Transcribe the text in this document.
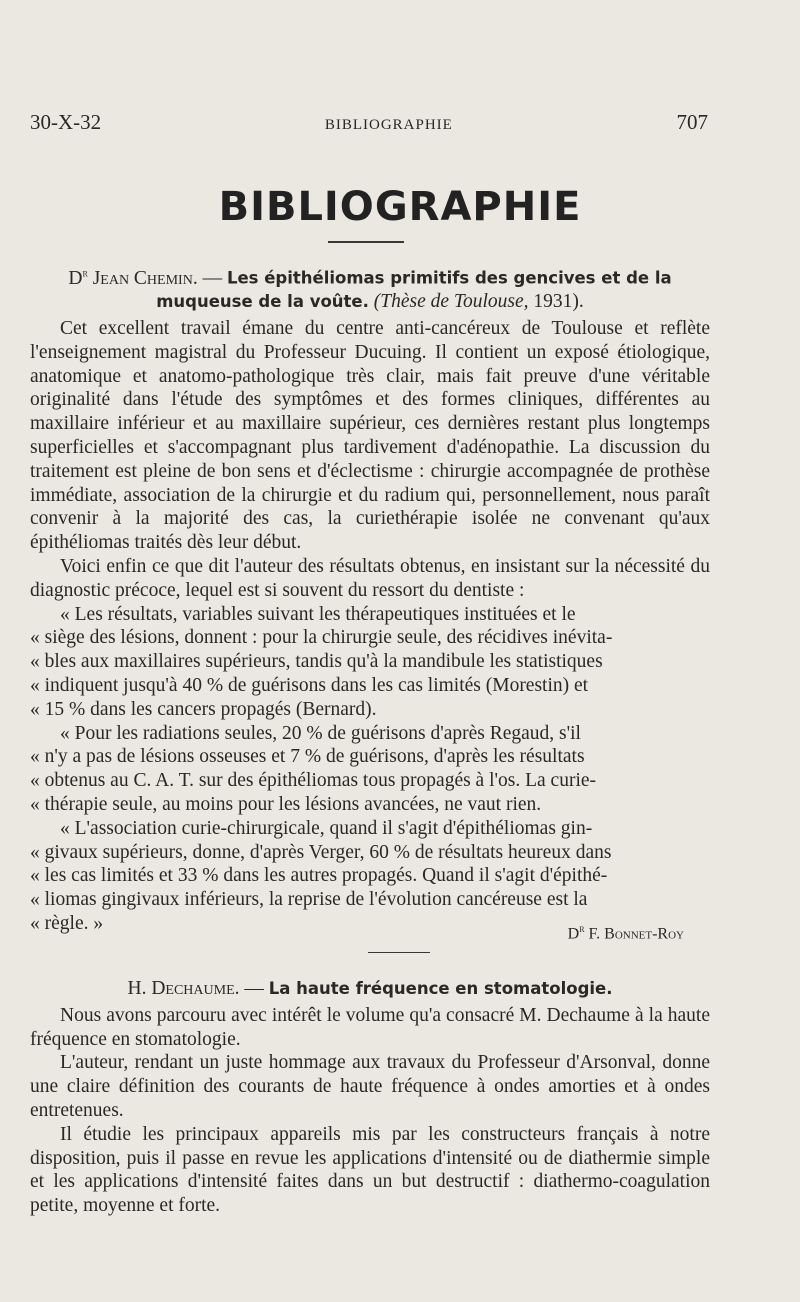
30-X-32	BIBLIOGRAPHIE	707
BIBLIOGRAPHIE
$D^r$ Jean Chemin. — Les épithéliomas primitifs des gencives et de la muqueuse de la voûte. (Thèse de Toulouse, 1931).

Cet excellent travail émane du centre anti-cancéreux de Toulouse et reflète l'enseignement magistral du Professeur Ducuing. Il contient un exposé étiologique, anatomique et anatomo-pathologique très clair, mais fait preuve d'une véritable originalité dans l'étude des symptômes et des formes cliniques, différentes au maxillaire inférieur et au maxillaire supérieur, ces dernières restant plus longtemps superficielles et s'accompagnant plus tardivement d'adénopathie. La discussion du traitement est pleine de bon sens et d'éclectisme : chirurgie accompagnée de prothèse immédiate, association de la chirurgie et du radium qui, personnellement, nous paraît convenir à la majorité des cas, la curiethérapie isolée ne convenant qu'aux épithéliomas traités dès leur début.

Voici enfin ce que dit l'auteur des résultats obtenus, en insistant sur la nécessité du diagnostic précoce, lequel est si souvent du ressort du dentiste :

« Les résultats, variables suivant les thérapeutiques instituées et le
« siège des lésions, donnent : pour la chirurgie seule, des récidives inévita-
« bles aux maxillaires supérieurs, tandis qu'à la mandibule les statistiques
« indiquent jusqu'à 40 % de guérisons dans les cas limités (Morestin) et
« 15 % dans les cancers propagés (Bernard).
« Pour les radiations seules, 20 % de guérisons d'après Regaud, s'il
« n'y a pas de lésions osseuses et 7 % de guérisons, d'après les résultats
« obtenus au C. A. T. sur des épithéliomas tous propagés à l'os. La curie-
« thérapie seule, au moins pour les lésions avancées, ne vaut rien.
« L'association curie-chirurgicale, quand il s'agit d'épithéliomas gin-
« givaux supérieurs, donne, d'après Verger, 60 % de résultats heureux dans
« les cas limités et 33 % dans les autres propagés. Quand il s'agit d'épithé-
« liomas gingivaux inférieurs, la reprise de l'évolution cancéreuse est la
« règle. »	$D^r$ F. Bonnet-Roy
H. Dechaume. — La haute fréquence en stomatologie.

Nous avons parcouru avec intérêt le volume qu'a consacré M. Dechaume à la haute fréquence en stomatologie.

L'auteur, rendant un juste hommage aux travaux du Professeur d'Arsonval, donne une claire définition des courants de haute fréquence à ondes amorties et à ondes entretenues.

Il étudie les principaux appareils mis par les constructeurs français à notre disposition, puis il passe en revue les applications d'intensité ou de diathermie simple et les applications d'intensité faites dans un but destructif : diathermo-coagulation petite, moyenne et forte.
